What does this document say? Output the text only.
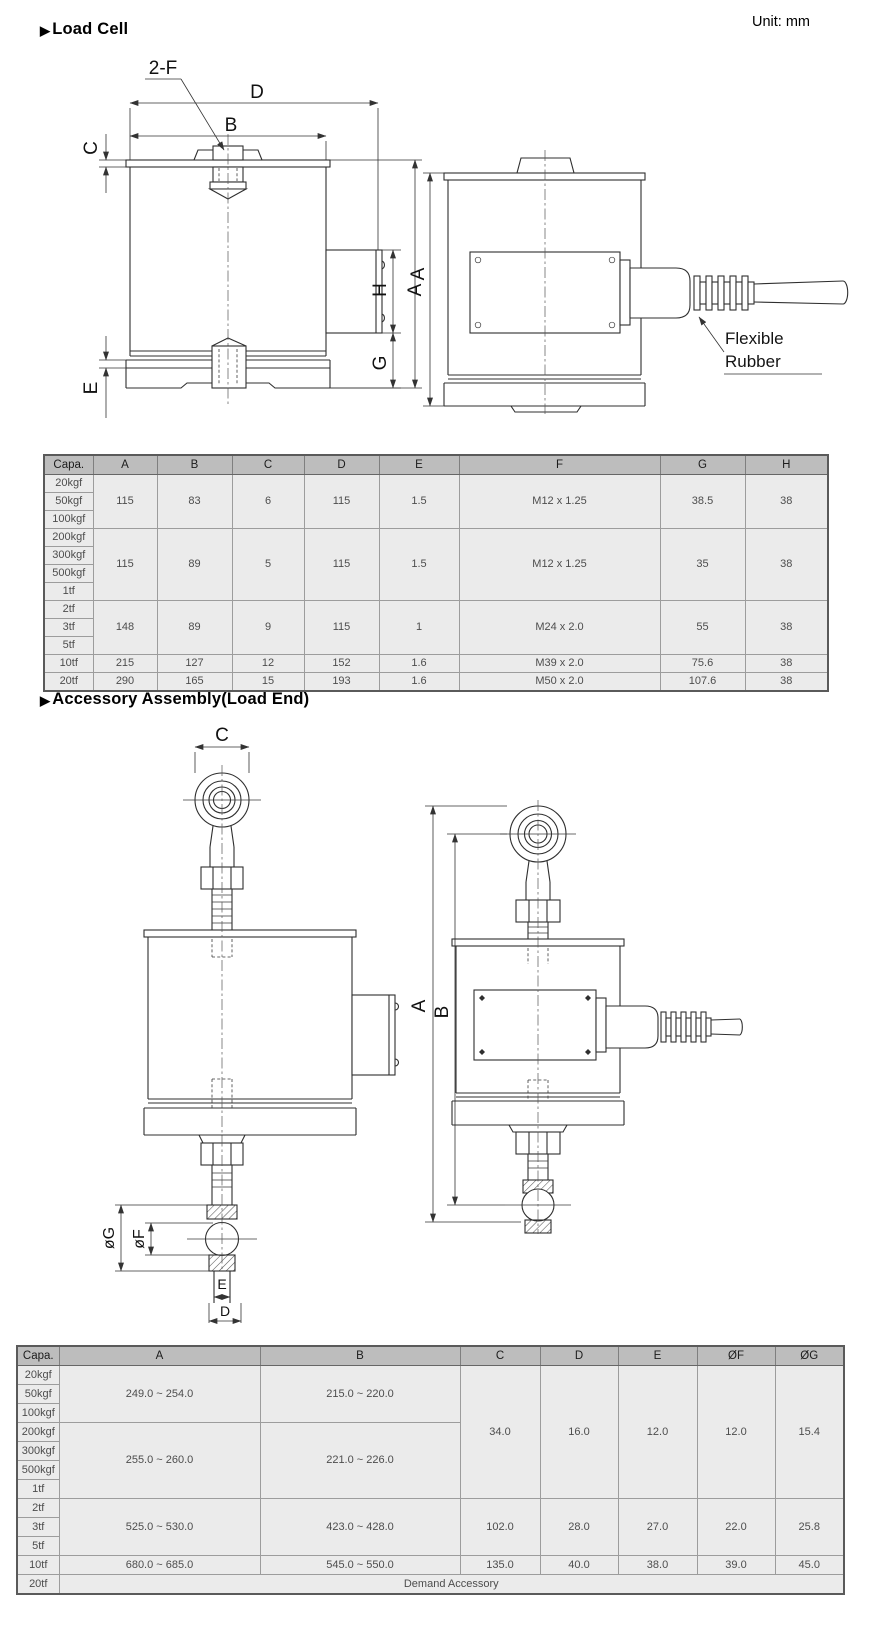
▶ Load Cell	Unit: mm
D
B
2-F
C
E
H
G
A
A
Flexible
Rubber
Capa.	A	B	C	D	E	F	G	H
20kgf	115	83	6	115	1.5	M12 x 1.25	38.5	38
50kgf								
100kgf								
200kgf	115	89	5	115	1.5	M12 x 1.25	35	38
300kgf								
500kgf								
1tf								
2tf	148	89	9	115	1	M24 x 2.0	55	38
3tf								
5tf								
10tf	215	127	12	152	1.6	M39 x 2.0	75.6	38
20tf	290	165	15	193	1.6	M50 x 2.0	107.6	38
▶ Accessory Assembly(Load End)
C
øG øF
E
D
A B
Capa.	A	B	C	D	E	ØF	ØG
20kgf	249.0 ~ 254.0	215.0 ~ 220.0	34.0	16.0	12.0	12.0	15.4
50kgf							
100kgf							
200kgf	255.0 ~ 260.0	221.0 ~ 226.0					
300kgf							
500kgf							
1tf							
2tf	525.0 ~ 530.0	423.0 ~ 428.0	102.0	28.0	27.0	22.0	25.8
3tf							
5tf							
10tf	680.0 ~ 685.0	545.0 ~ 550.0	135.0	40.0	38.0	39.0	45.0
20tf	Demand Accessory						
